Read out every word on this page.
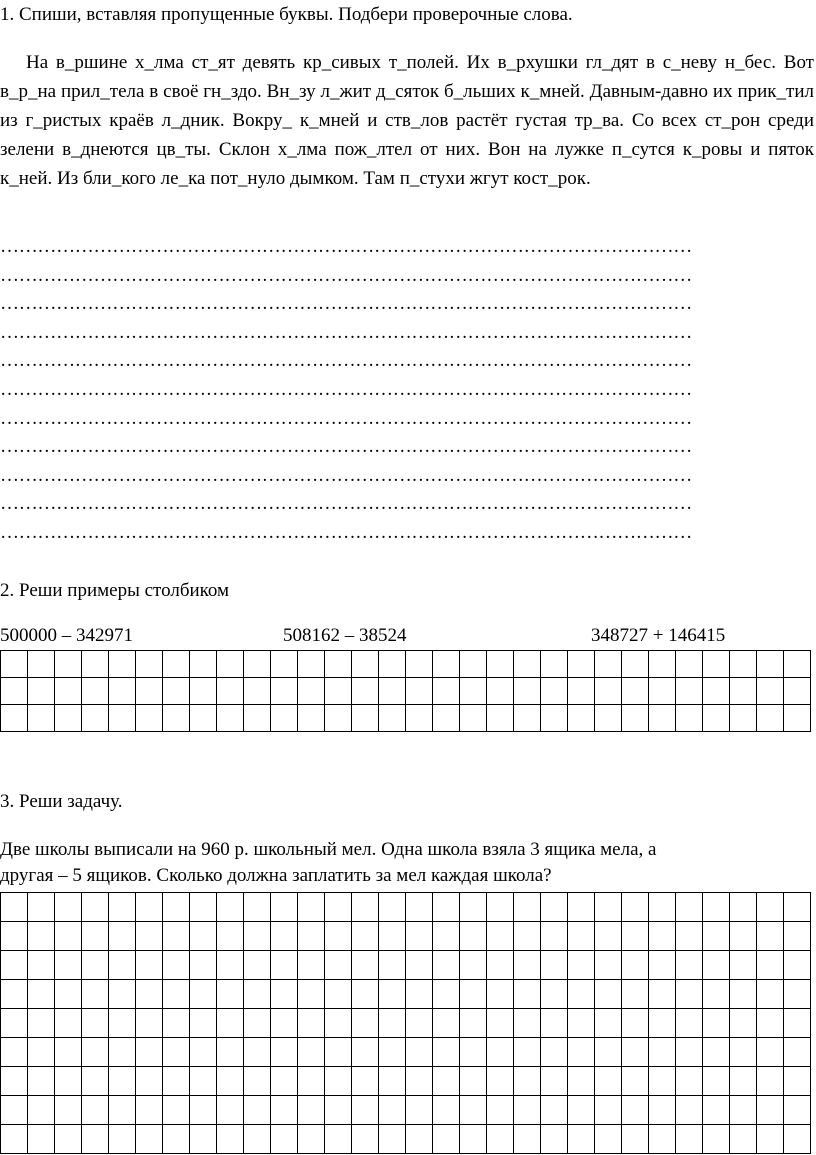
1. Спиши, вставляя пропущенные буквы. Подбери проверочные слова.
На в_ршине х_лма ст_ят девять кр_сивых т_полей. Их в_рхушки гл_дят в с_неву н_бес. Вот в_р_на прил_тела в своё гн_здо. Вн_зу л_жит д_сяток б_льших к_мней. Давным-давно их прик_тил из г_ристых краёв л_дник. Вокру_ к_мней и ств_лов растёт густая тр_ва. Со всех ст_рон среди зелени в_днеются цв_ты. Склон х_лма пож_лтел от них. Вон на лужке п_сутся к_ровы и пяток к_ней. Из бли_кого ле_ка пот_нуло дымком. Там п_стухи жгут кост_рок.
…………………………………………………………………………………………………
…………………………………………………………………………………………………
…………………………………………………………………………………………………
…………………………………………………………………………………………………
…………………………………………………………………………………………………
…………………………………………………………………………………………………
…………………………………………………………………………………………………
…………………………………………………………………………………………………
…………………………………………………………………………………………………
…………………………………………………………………………………………………
…………………………………………………………………………………………………
2. Реши примеры столбиком
500000 – 342971	508162 – 38524	348727 + 146415

3. Реши задачу.
Две школы выписали на 960 р. школьный мел. Одна школа взяла 3 ящика мела, а
другая – 5 ящиков. Сколько должна заплатить за мел каждая школа?
